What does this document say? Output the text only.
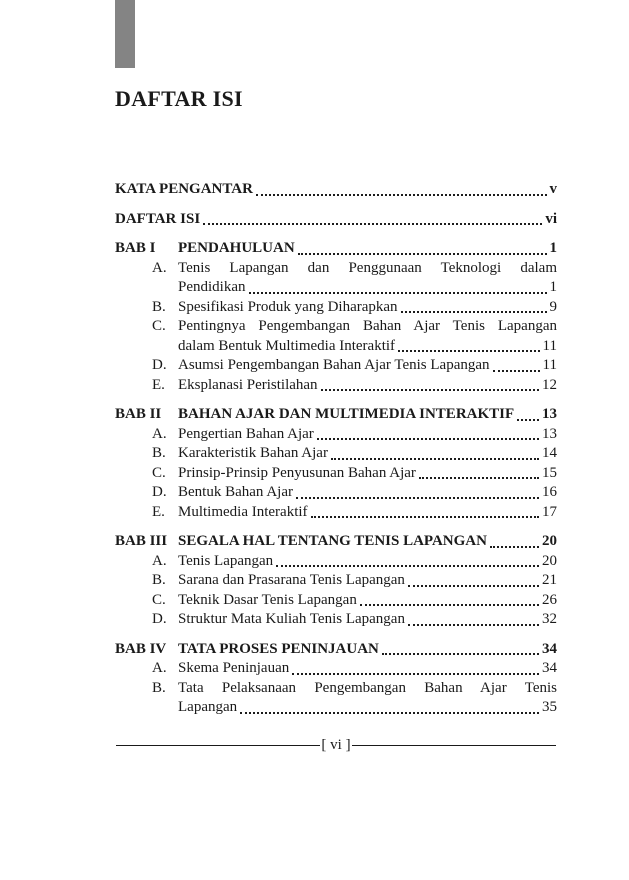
DAFTAR ISI
KATA PENGANTAR	v
DAFTAR ISI	vi
BAB I	PENDAHULUAN	1
A. Tenis Lapangan dan Penggunaan Teknologi dalam
Pendidikan	1
B. Spesifikasi Produk yang Diharapkan	9
C. Pentingnya Pengembangan Bahan Ajar Tenis Lapangan
dalam Bentuk Multimedia Interaktif	11
D. Asumsi Pengembangan Bahan Ajar Tenis Lapangan	11
E. Eksplanasi Peristilahan	12
BAB II	BAHAN AJAR DAN MULTIMEDIA INTERAKTIF 13
A. Pengertian Bahan Ajar	13
B. Karakteristik Bahan Ajar	14
C. Prinsip-Prinsip Penyusunan Bahan Ajar	15
D. Bentuk Bahan Ajar	16
E. Multimedia Interaktif	17
BAB III SEGALA HAL TENTANG TENIS LAPANGAN	20
A. Tenis Lapangan	20
B. Sarana dan Prasarana Tenis Lapangan	21
C. Teknik Dasar Tenis Lapangan	26
D. Struktur Mata Kuliah Tenis Lapangan	32
BAB IV TATA PROSES PENINJAUAN	34
A. Skema Peninjauan	34
B. Tata Pelaksanaan Pengembangan Bahan Ajar Tenis
Lapangan	35
[ vi ]
